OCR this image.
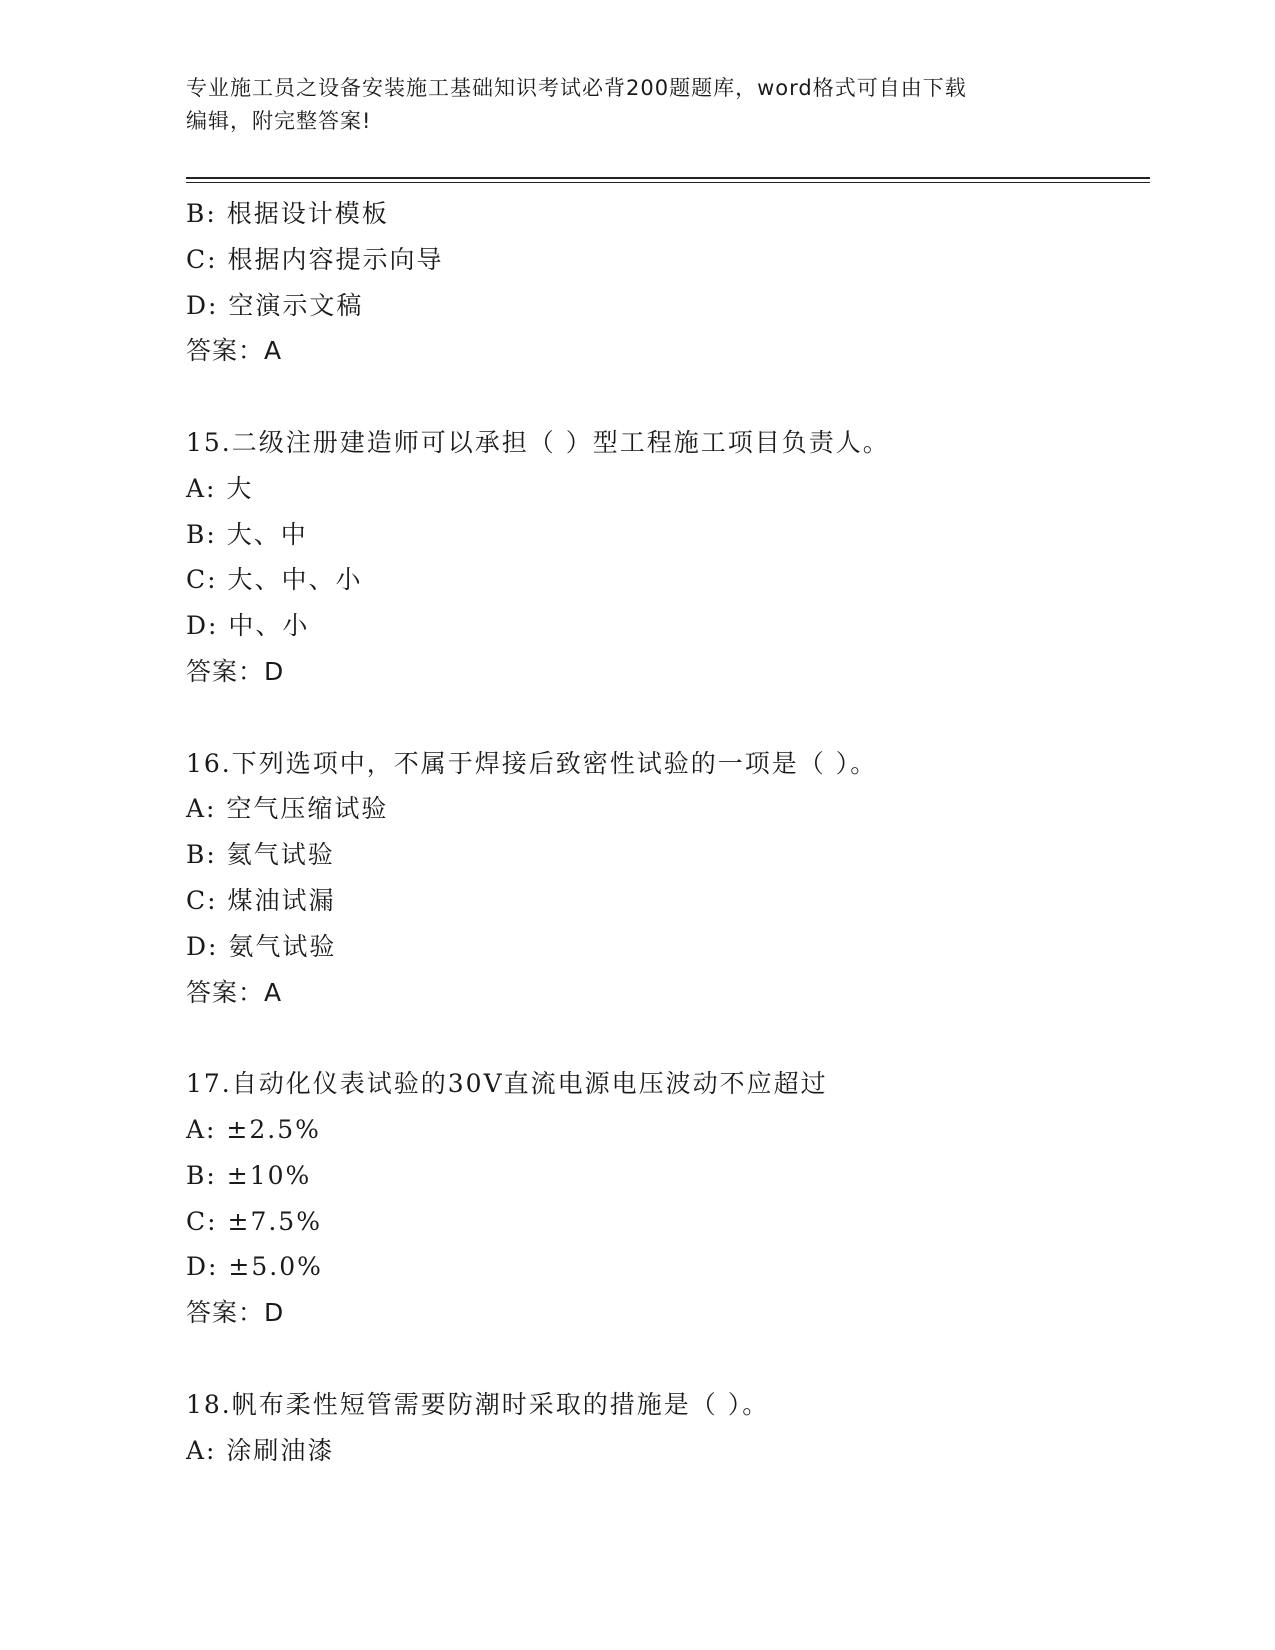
专业施工员之设备安装施工基础知识考试必背200题题库，word格式可自由下载
编辑，附完整答案!
B: 根据设计模板
C: 根据内容提示向导
D: 空演示文稿
答案：A
15.二级注册建造师可以承担（ ）型工程施工项目负责人。
A: 大
B: 大、中
C: 大、中、小
D: 中、小
答案：D
16.下列选项中，不属于焊接后致密性试验的一项是（ ）。
A: 空气压缩试验
B: 氦气试验
C: 煤油试漏
D: 氨气试验
答案：A
17.自动化仪表试验的30V直流电源电压波动不应超过
A: ±2.5%
B: ±10%
C: ±7.5%
D: ±5.0%
答案：D
18.帆布柔性短管需要防潮时采取的措施是（ ）。
A: 涂刷油漆
